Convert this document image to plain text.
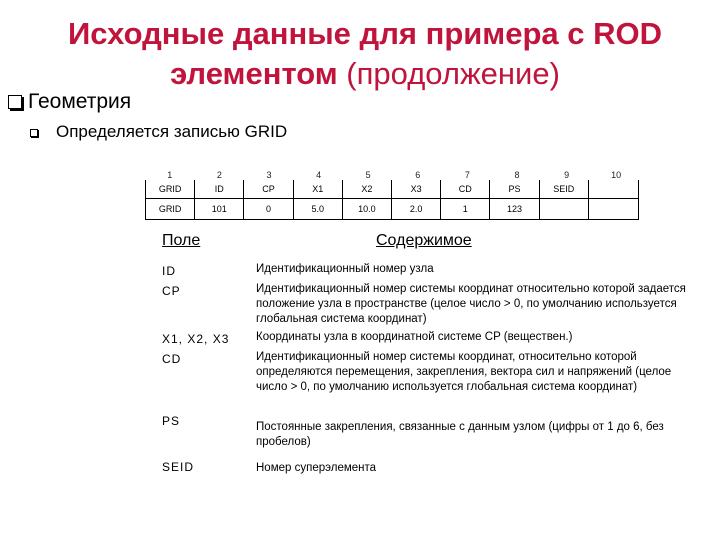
Исходные данные для примера с ROD
элементом (продолжение)
Геометрия
Определяется записью GRID
1	2	3	4	5	6	7	8	9	10
GRID	ID	CP	X1	X2	X3	CD	PS	SEID
GRID	101	0	5.0	10.0	2.0	1	123
Поле	Содержимое
ID	Идентификационный номер узла
CP	Идентификационный номер системы координат относительно которой задается положение узла в пространстве (целое число > 0, по умолчанию используется глобальная система координат)
X1, X2, X3 Координаты узла в координатной системе CP (веществен.)
CD	Идентификационный номер системы координат, относительно которой определяются перемещения, закрепления, вектора сил и напряжений (целое число > 0, по умолчанию используется глобальная система координат)
PS	Постоянные закрепления, связанные с данным узлом (цифры от 1 до 6, без пробелов)
SEID	Номер суперэлемента
